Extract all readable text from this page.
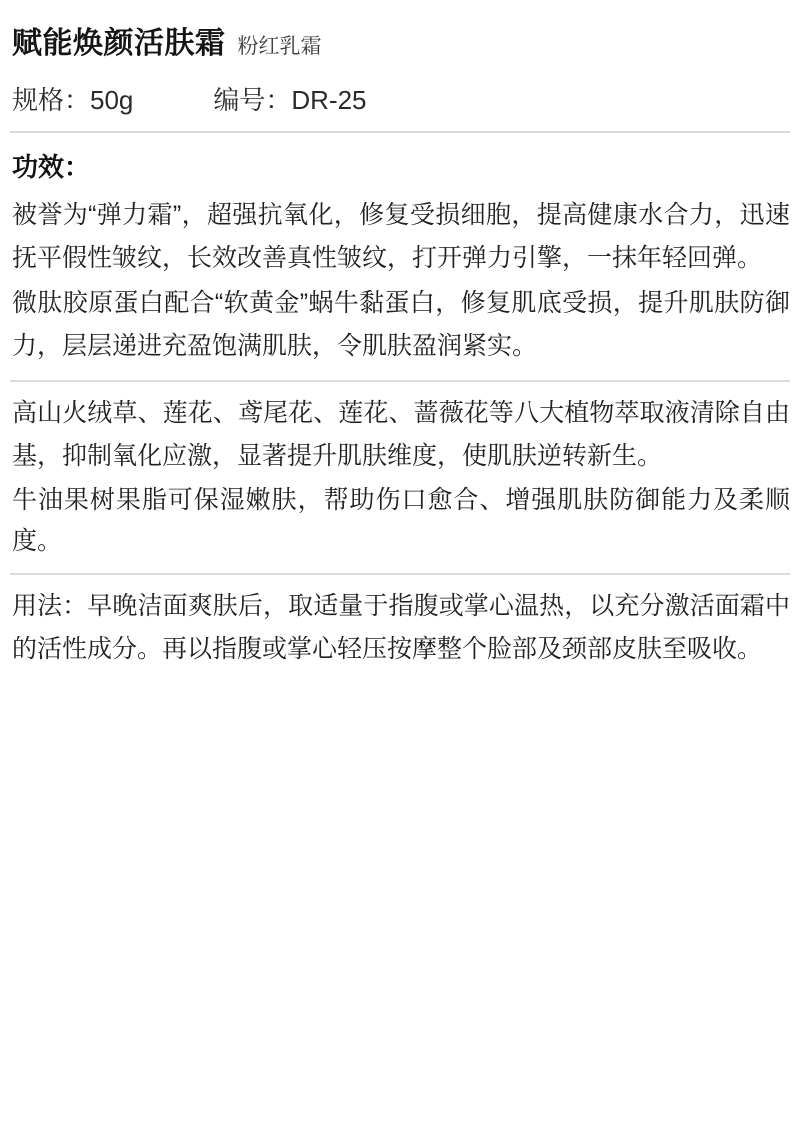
赋能焕颜活肤霜 粉红乳霜
规格：50g	编号：DR-25
功效：

被誉为“弹力霜”，超强抗氧化，修复受损细胞，提高健康水合力，迅速抚平假性皱纹，长效改善真性皱纹，打开弹力引擎，一抹年轻回弹。

微肽胶原蛋白配合“软黄金”蜗牛黏蛋白，修复肌底受损，提升肌肤防御力，层层递进充盈饱满肌肤，令肌肤盈润紧实。

高山火绒草、莲花、鸢尾花、莲花、蔷薇花等八大植物萃取液清除自由基，抑制氧化应激，显著提升肌肤维度，使肌肤逆转新生。

牛油果树果脂可保湿嫩肤，帮助伤口愈合、增强肌肤防御能力及柔顺度。

用法：早晚洁面爽肤后，取适量于指腹或掌心温热，以充分激活面霜中的活性成分。再以指腹或掌心轻压按摩整个脸部及颈部皮肤至吸收。
